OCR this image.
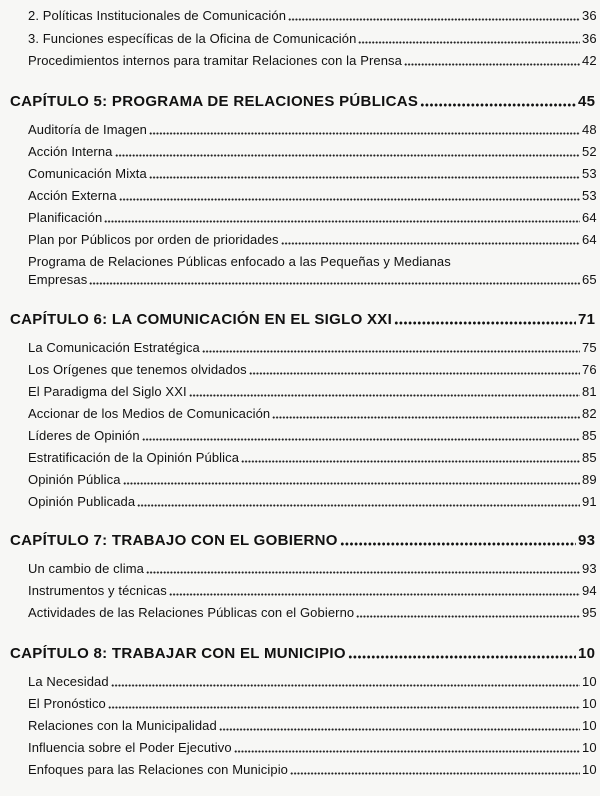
2. Políticas Institucionales de Comunicación	36
3. Funciones específicas de la Oficina de Comunicación	36
Procedimientos internos para tramitar Relaciones con la Prensa	42
CAPÍTULO 5: PROGRAMA DE RELACIONES PÚBLICAS	45
Auditoría de Imagen	48
Acción Interna	52
Comunicación Mixta	53
Acción Externa	53
Planificación	64
Plan por Públicos por orden de prioridades	64
Programa de Relaciones Públicas enfocado a las Pequeñas y Medianas
Empresas	65
CAPÍTULO 6: LA COMUNICACIÓN EN EL SIGLO XXI	71
La Comunicación Estratégica	75
Los Orígenes que tenemos olvidados	76
El Paradigma del Siglo XXI	81
Accionar de los Medios de Comunicación	82
Líderes de Opinión	85
Estratificación de la Opinión Pública	85
Opinión Pública	89
Opinión Publicada	91
CAPÍTULO 7: TRABAJO CON EL GOBIERNO	93
Un cambio de clima	93
Instrumentos y técnicas	94
Actividades de las Relaciones Públicas con el Gobierno	95
CAPÍTULO 8: TRABAJAR CON EL MUNICIPIO	10
La Necesidad	10
El Pronóstico	10
Relaciones con la Municipalidad	10
Influencia sobre el Poder Ejecutivo	10
Enfoques para las Relaciones con Municipio	10
